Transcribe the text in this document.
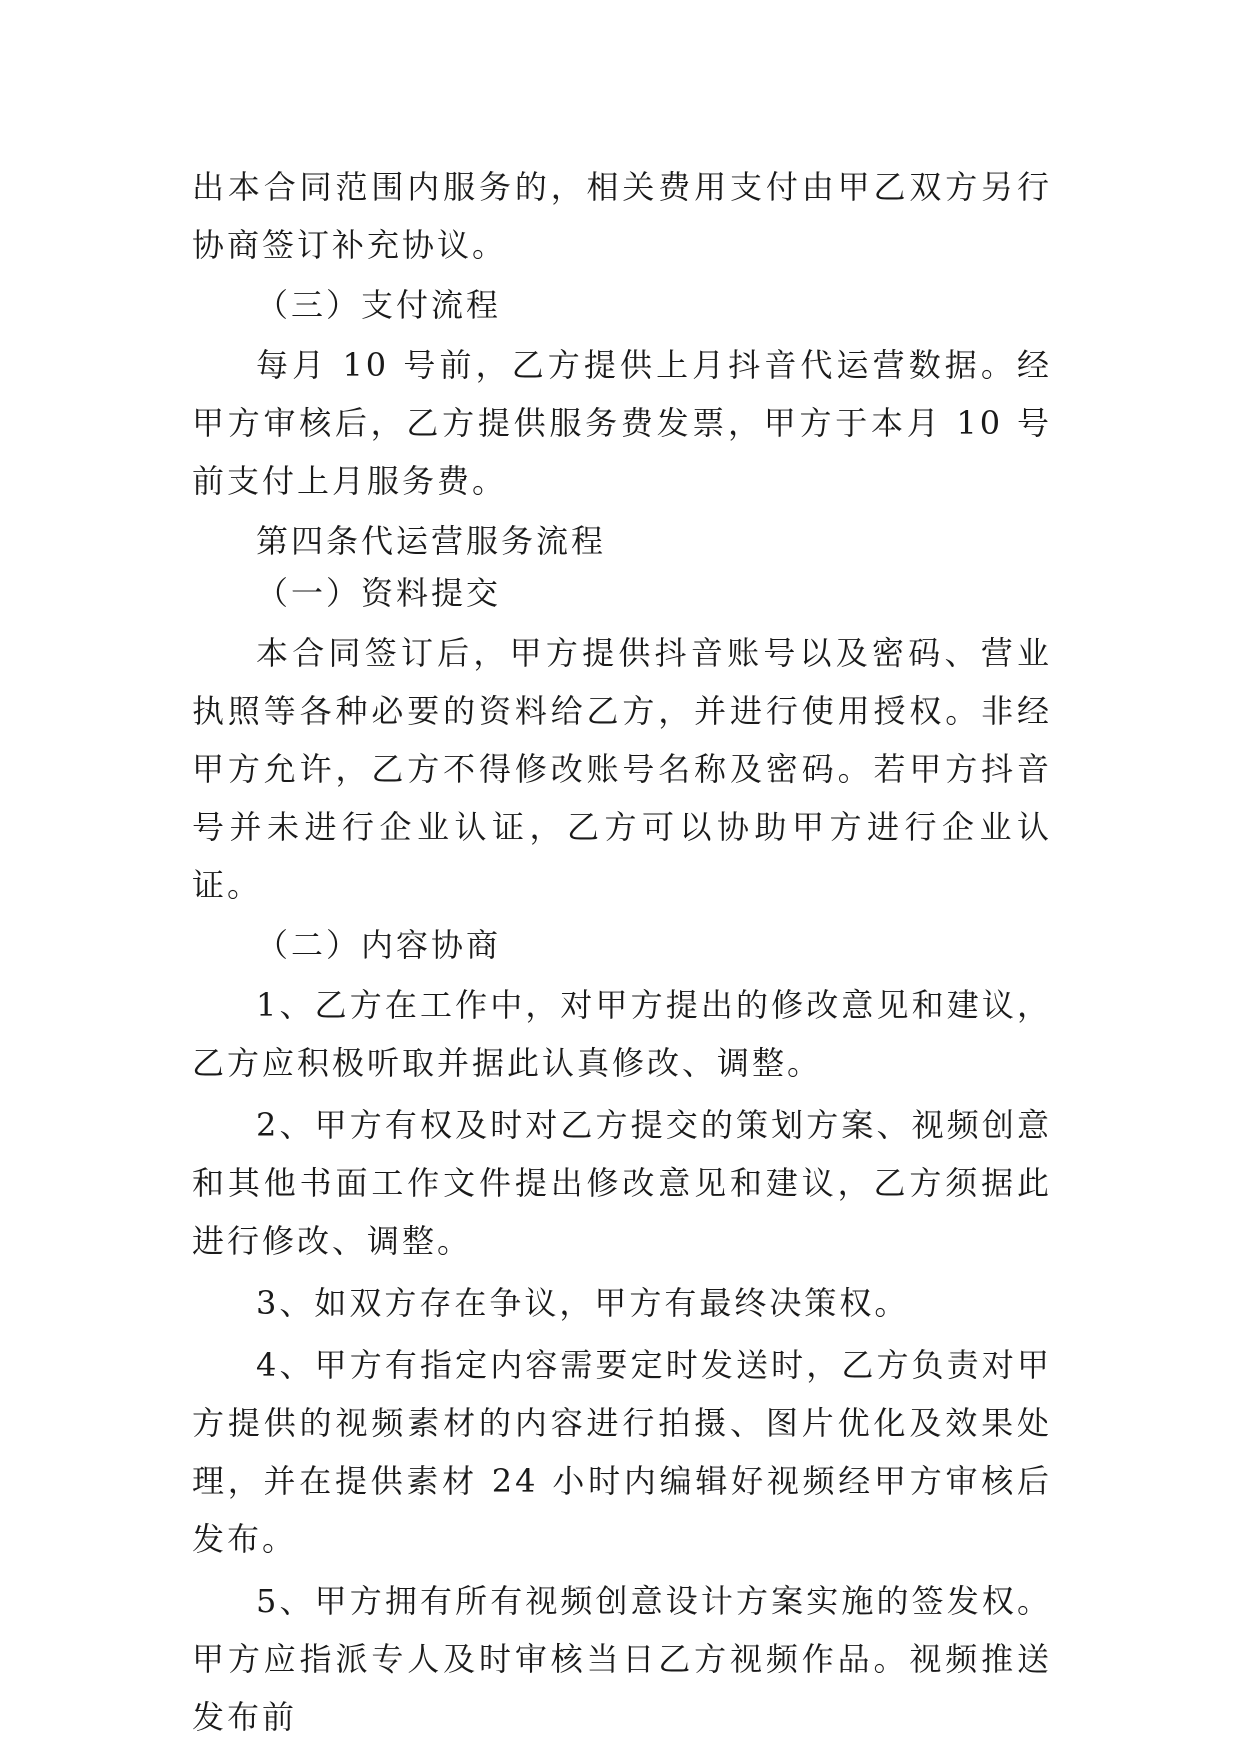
出本合同范围内服务的，相关费用支付由甲乙双方另行协商签订补充协议。

（三）支付流程

每月 10 号前，乙方提供上月抖音代运营数据。经甲方审核后，乙方提供服务费发票，甲方于本月 10 号前支付上月服务费。

第四条代运营服务流程

（一）资料提交

本合同签订后，甲方提供抖音账号以及密码、营业执照等各种必要的资料给乙方，并进行使用授权。非经甲方允许，乙方不得修改账号名称及密码。若甲方抖音号并未进行企业认证，乙方可以协助甲方进行企业认证。

（二）内容协商

1、乙方在工作中，对甲方提出的修改意见和建议，乙方应积极听取并据此认真修改、调整。

2、甲方有权及时对乙方提交的策划方案、视频创意和其他书面工作文件提出修改意见和建议，乙方须据此进行修改、调整。

3、如双方存在争议，甲方有最终决策权。

4、甲方有指定内容需要定时发送时，乙方负责对甲方提供的视频素材的内容进行拍摄、图片优化及效果处理，并在提供素材 24 小时内编辑好视频经甲方审核后发布。

5、甲方拥有所有视频创意设计方案实施的签发权。甲方应指派专人及时审核当日乙方视频作品。视频推送发布前
